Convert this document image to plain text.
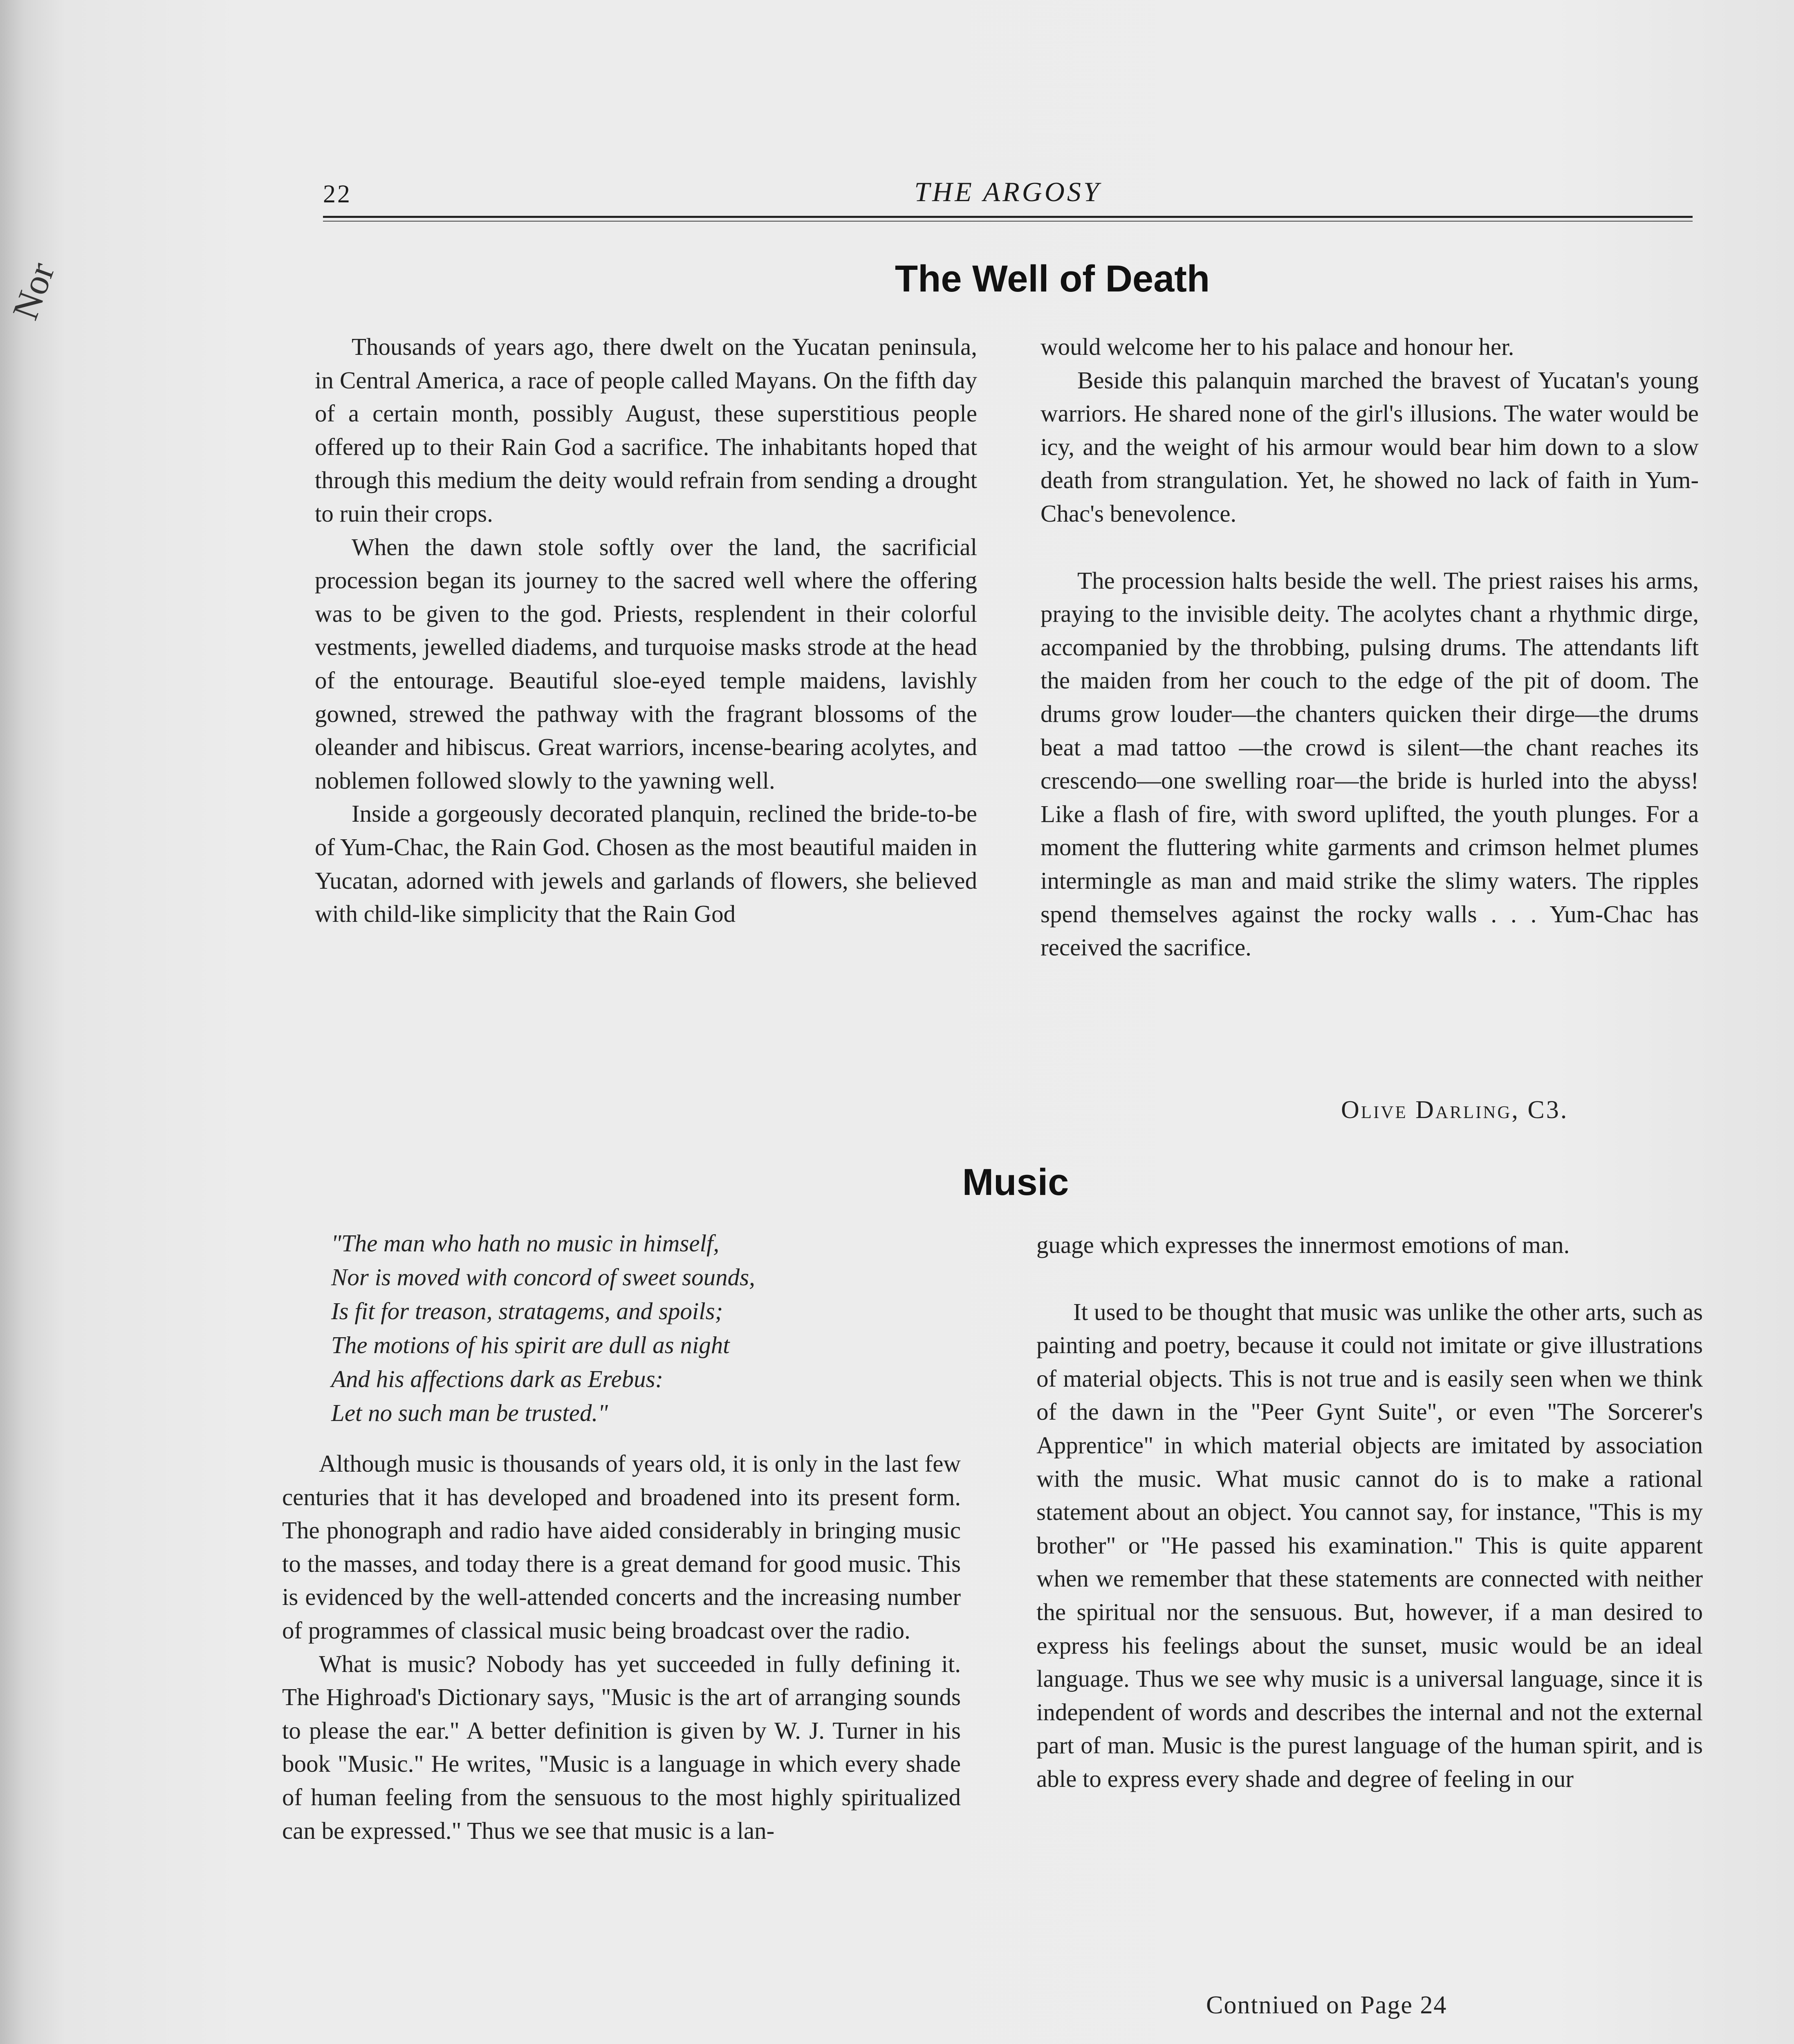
Nor
22	THE ARGOSY
The Well of Death

Thousands of years ago, there dwelt on the Yucatan peninsula, in Central America, a race of people called Mayans. On the fifth day of a certain month, possibly August, these superstitious people offered up to their Rain God a sacrifice. The inhabitants hoped that through this medium the deity would refrain from sending a drought to ruin their crops.

When the dawn stole softly over the land, the sacrificial procession began its journey to the sacred well where the offering was to be given to the god. Priests, resplendent in their colorful vestments, jewelled diadems, and turquoise masks strode at the head of the entourage. Beautiful sloe-eyed temple maidens, lavishly gowned, strewed the pathway with the fragrant blossoms of the oleander and hibiscus. Great warriors, incense-bearing acolytes, and noblemen followed slowly to the yawning well.

Inside a gorgeously decorated planquin, reclined the bride-to-be of Yum-Chac, the Rain God. Chosen as the most beautiful maiden in Yucatan, adorned with jewels and garlands of flowers, she believed with child-like simplicity that the Rain God

would welcome her to his palace and honour her.

Beside this palanquin marched the bravest of Yucatan's young warriors. He shared none of the girl's illusions. The water would be icy, and the weight of his armour would bear him down to a slow death from strangulation. Yet, he showed no lack of faith in Yum-Chac's benevolence.

The procession halts beside the well. The priest raises his arms, praying to the invisible deity. The acolytes chant a rhythmic dirge, accompanied by the throbbing, pulsing drums. The attendants lift the maiden from her couch to the edge of the pit of doom. The drums grow louder—the chanters quicken their dirge—the drums beat a mad tattoo —the crowd is silent—the chant reaches its crescendo—one swelling roar—the bride is hurled into the abyss! Like a flash of fire, with sword uplifted, the youth plunges. For a moment the fluttering white garments and crimson helmet plumes intermingle as man and maid strike the slimy waters. The ripples spend themselves against the rocky walls . . . Yum-Chac has received the sacrifice.

Olive Darling, C3.
Music
"The man who hath no music in himself,
Nor is moved with concord of sweet sounds,
Is fit for treason, stratagems, and spoils;
The motions of his spirit are dull as night
And his affections dark as Erebus:
Let no such man be trusted."

Although music is thousands of years old, it is only in the last few centuries that it has developed and broadened into its present form. The phonograph and radio have aided considerably in bringing music to the masses, and today there is a great demand for good music. This is evidenced by the well-attended concerts and the increasing number of programmes of classical music being broadcast over the radio.

What is music? Nobody has yet succeeded in fully defining it. The Highroad's Dictionary says, "Music is the art of arranging sounds to please the ear." A better definition is given by W. J. Turner in his book "Music." He writes, "Music is a language in which every shade of human feeling from the sensuous to the most highly spiritualized can be expressed." Thus we see that music is a lan-

guage which expresses the innermost emotions of man.

It used to be thought that music was unlike the other arts, such as painting and poetry, because it could not imitate or give illustrations of material objects. This is not true and is easily seen when we think of the dawn in the "Peer Gynt Suite", or even "The Sorcerer's Apprentice" in which material objects are imitated by association with the music. What music cannot do is to make a rational statement about an object. You cannot say, for instance, "This is my brother" or "He passed his examination." This is quite apparent when we remember that these statements are connected with neither the spiritual nor the sensuous. But, however, if a man desired to express his feelings about the sunset, music would be an ideal language. Thus we see why music is a universal language, since it is independent of words and describes the internal and not the external part of man. Music is the purest language of the human spirit, and is able to express every shade and degree of feeling in our

Contniued on Page 24
